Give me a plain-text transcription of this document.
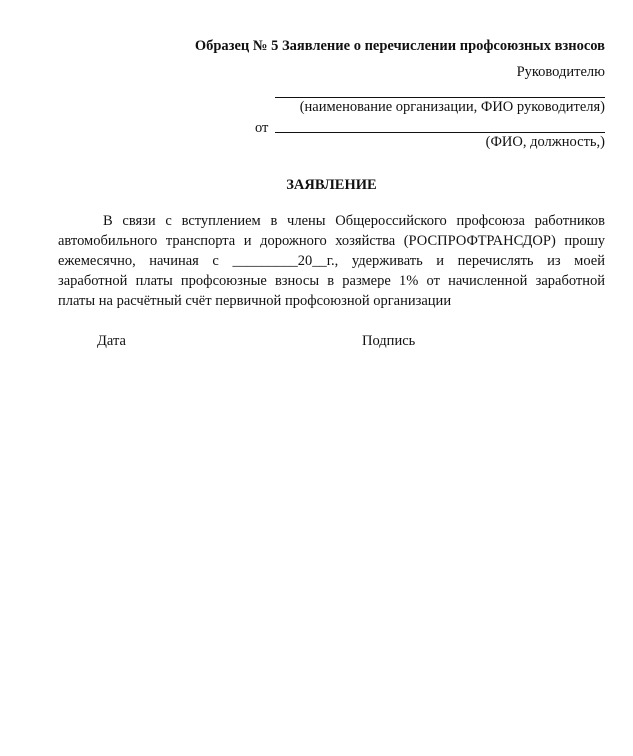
Образец № 5 Заявление о перечислении профсоюзных взносов
Руководителю
(наименование организации, ФИО руководителя)
от
(ФИО, должность,)
ЗАЯВЛЕНИЕ
В связи с вступлением в члены Общероссийского профсоюза работников
автомобильного транспорта и дорожного хозяйства (РОСПРОФТРАНСДОР) прошу
ежемесячно, начиная с _________20__г., удерживать и перечислять из моей
заработной платы профсоюзные взносы в размере 1% от начисленной заработной
платы на расчётный счёт первичной профсоюзной организации
Дата	Подпись
